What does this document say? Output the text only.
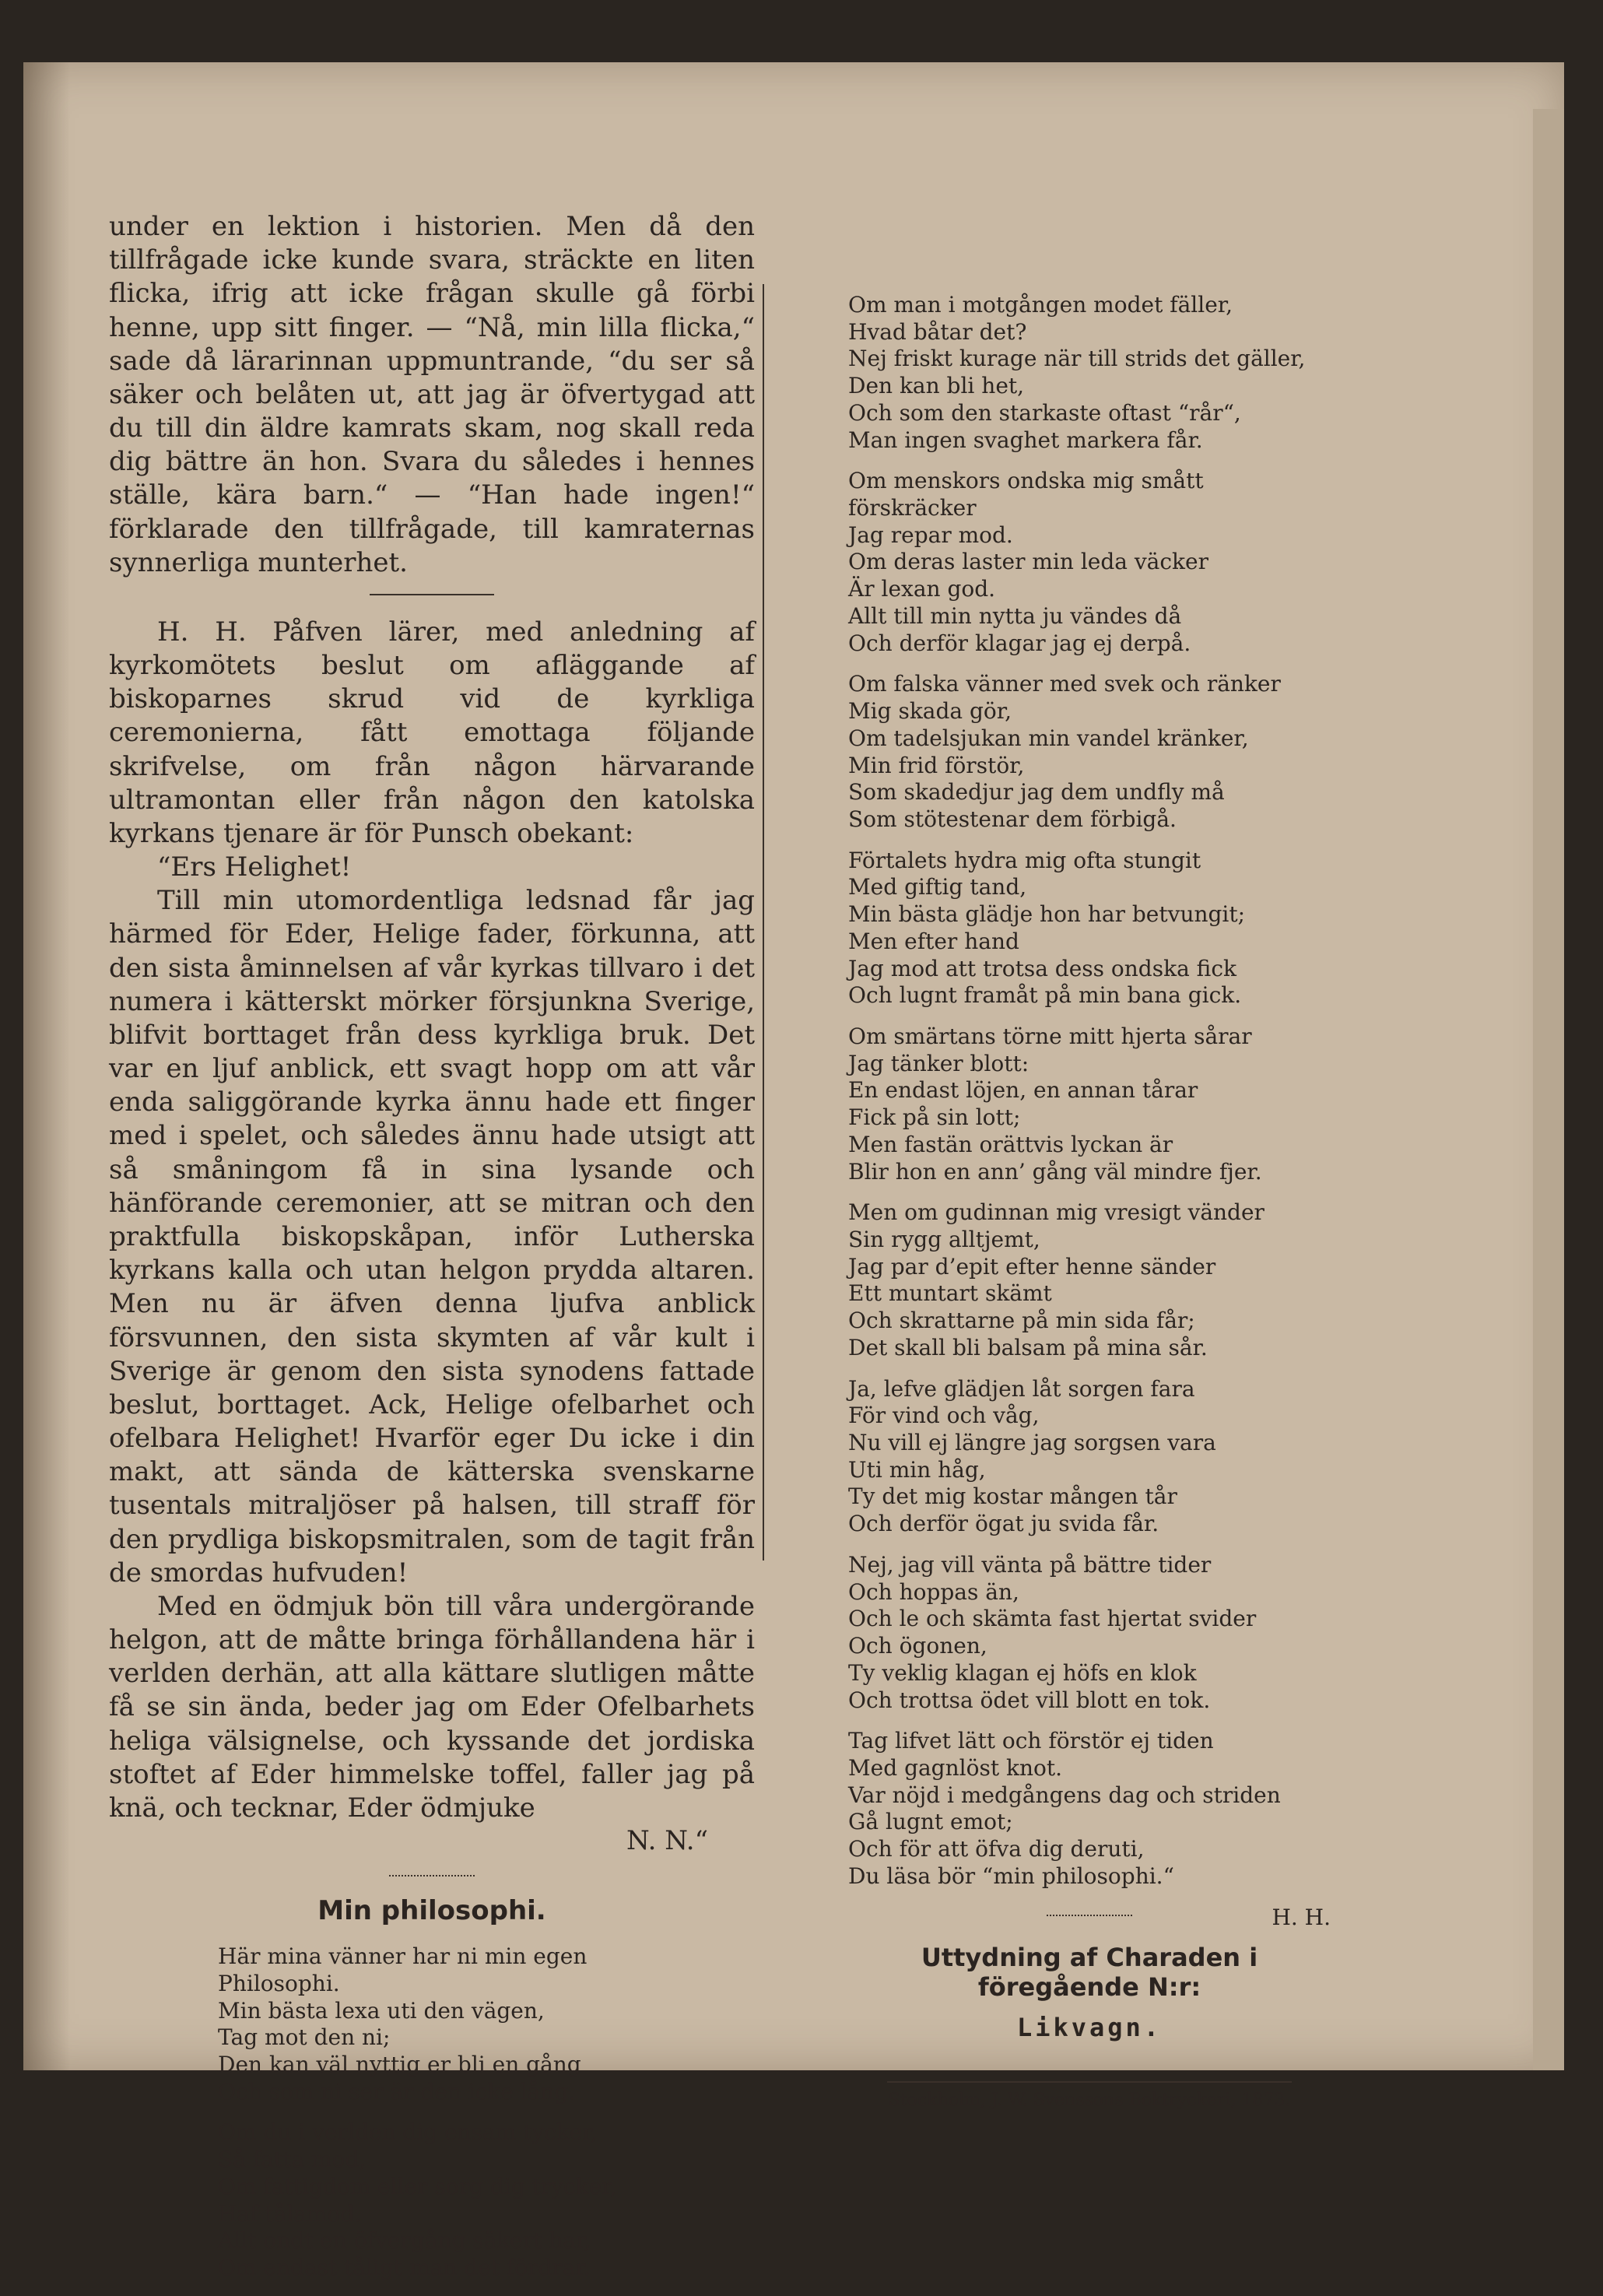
under en lektion i historien. Men då den tillfrågade icke kunde svara, sträckte en liten flicka, ifrig att icke frågan skulle gå förbi henne, upp sitt finger. — “Nå, min lilla flicka,“ sade då lärarinnan uppmuntrande, “du ser så säker och belåten ut, att jag är öfvertygad att du till din äldre kamrats skam, nog skall reda dig bättre än hon. Svara du således i hennes ställe, kära barn.“ — “Han hade ingen!“ förklarade den tillfrågade, till kamraternas synnerliga munterhet.

H. H. Påfven lärer, med anledning af kyrkomötets beslut om afläggande af biskoparnes skrud vid de kyrkliga ceremonierna, fått emottaga följande skrifvelse, om från någon härvarande ultramontan eller från någon den katolska kyrkans tjenare är för Punsch obekant:

“Ers Helighet!

Till min utomordentliga ledsnad får jag härmed för Eder, Helige fader, förkunna, att den sista åminnelsen af vår kyrkas tillvaro i det numera i kätterskt mörker försjunkna Sverige, blifvit borttaget från dess kyrkliga bruk. Det var en ljuf anblick, ett svagt hopp om att vår enda saliggörande kyrka ännu hade ett finger med i spelet, och således ännu hade utsigt att så småningom få in sina lysande och hänförande ceremonier, att se mitran och den praktfulla biskopskåpan, inför Lutherska kyrkans kalla och utan helgon prydda altaren. Men nu är äfven denna ljufva anblick försvunnen, den sista skymten af vår kult i Sverige är genom den sista synodens fattade beslut, borttaget. Ack, Helige ofelbarhet och ofelbara Helighet! Hvarför eger Du icke i din makt, att sända de kätterska svenskarne tusentals mitraljöser på halsen, till straff för den prydliga biskopsmitralen, som de tagit från de smordas hufvuden!

Med en ödmjuk bön till våra undergörande helgon, att de måtte bringa förhållandena här i verlden derhän, att alla kättare slutligen måtte få se sin ända, beder jag om Eder Ofelbarhets heliga välsignelse, och kyssande det jordiska stoftet af Eder himmelske toffel, faller jag på knä, och tecknar, Eder ödmjuke

N. N.“
Min philosophi.
Här mina vänner har ni min egen
Philosophi.
Min bästa lexa uti den vägen,
Tag mot den ni;
Den kan väl nyttig er bli en gång
Och som ni ser är den icke lång.
Om du i verlden dig ensam tycker,
Så fatta mod,
Om fattigdom eller sorg dig trycker,
Haf tålamod.
Allt ondt en öfvergång säkert har,
Om endast tåligt man det fördrar.
Om man i motgången modet fäller,
Hvad båtar det?
Nej friskt kurage när till strids det gäller,
Den kan bli het,
Och som den starkaste oftast “rår“,
Man ingen svaghet markera får.
Om menskors ondska mig smått förskräcker
Jag repar mod.
Om deras laster min leda väcker
Är lexan god.
Allt till min nytta ju vändes då
Och derför klagar jag ej derpå.
Om falska vänner med svek och ränker
Mig skada gör,
Om tadelsjukan min vandel kränker,
Min frid förstör,
Som skadedjur jag dem undfly må
Som stötestenar dem förbigå.
Förtalets hydra mig ofta stungit
Med giftig tand,
Min bästa glädje hon har betvungit;
Men efter hand
Jag mod att trotsa dess ondska fick
Och lugnt framåt på min bana gick.
Om smärtans törne mitt hjerta sårar
Jag tänker blott:
En endast löjen, en annan tårar
Fick på sin lott;
Men fastän orättvis lyckan är
Blir hon en ann’ gång väl mindre fjer.
Men om gudinnan mig vresigt vänder
Sin rygg alltjemt,
Jag par d’epit efter henne sänder
Ett muntart skämt
Och skrattarne på min sida får;
Det skall bli balsam på mina sår.
Ja, lefve glädjen låt sorgen fara
För vind och våg,
Nu vill ej längre jag sorgsen vara
Uti min håg,
Ty det mig kostar mången tår
Och derför ögat ju svida får.
Nej, jag vill vänta på bättre tider
Och hoppas än,
Och le och skämta fast hjertat svider
Och ögonen,
Ty veklig klagan ej höfs en klok
Och trottsa ödet vill blott en tok.
Tag lifvet lätt och förstör ej tiden
Med gagnlöst knot.
Var nöjd i medgångens dag och striden
Gå lugnt emot;
Och för att öfva dig deruti,
Du läsa bör “min philosophi.“
H. H.
Uttydning af Charaden i föregående N:r:
Likvagn.
Stockholm, J. W. Svenssons Boktryckeri, 1873.
